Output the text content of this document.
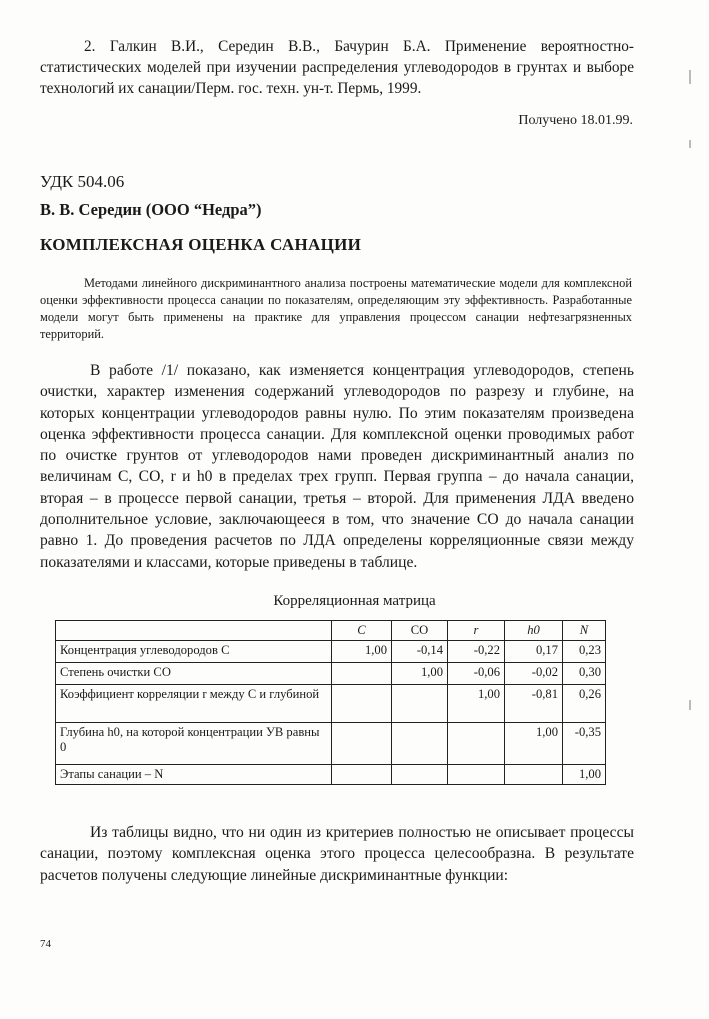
2. Галкин В.И., Середин В.В., Бачурин Б.А. Применение вероятностно-статистических моделей при изучении распределения углеводородов в грунтах и выборе технологий их санации/Перм. гос. техн. ун-т. Пермь, 1999.

Получено 18.01.99.
УДК 504.06
В. В. Середин (ООО “Недра”)
КОМПЛЕКСНАЯ ОЦЕНКА САНАЦИИ

Методами линейного дискриминантного анализа построены математические модели для комплексной оценки эффективности процесса санации по показателям, определяющим эту эффективность. Разработанные модели могут быть применены на практике для управления процессом санации нефтезагрязненных территорий.

В работе /1/ показано, как изменяется концентрация углеводородов, степень очистки, характер изменения содержаний углеводородов по разрезу и глубине, на которых концентрации углеводородов равны нулю. По этим показателям произведена оценка эффективности процесса санации. Для комплексной оценки проводимых работ по очистке грунтов от углеводородов нами проведен дискриминантный анализ по величинам C, CO, r и h0 в пределах трех групп. Первая группа – до начала санации, вторая – в процессе первой санации, третья – второй. Для применения ЛДА введено дополнительное условие, заключающееся в том, что значение CO до начала санации равно 1. До проведения расчетов по ЛДА определены корреляционные связи между показателями и классами, которые приведены в таблице.

Корреляционная матрица
	C	CO	r	h0	N
Концентрация углеводородов C	1,00	-0,14	-0,22	0,17	0,23
Степень очистки CO		1,00	-0,06	-0,02	0,30
Коэффициент корреляции r между C и глубиной			1,00	-0,81	0,26
Глубина h0, на которой концентрации УВ равны 0				1,00	-0,35
Этапы санации – N					1,00

Из таблицы видно, что ни один из критериев полностью не описывает процессы санации, поэтому комплексная оценка этого процесса целесообразна. В результате расчетов получены следующие линейные дискриминантные функции:

74
